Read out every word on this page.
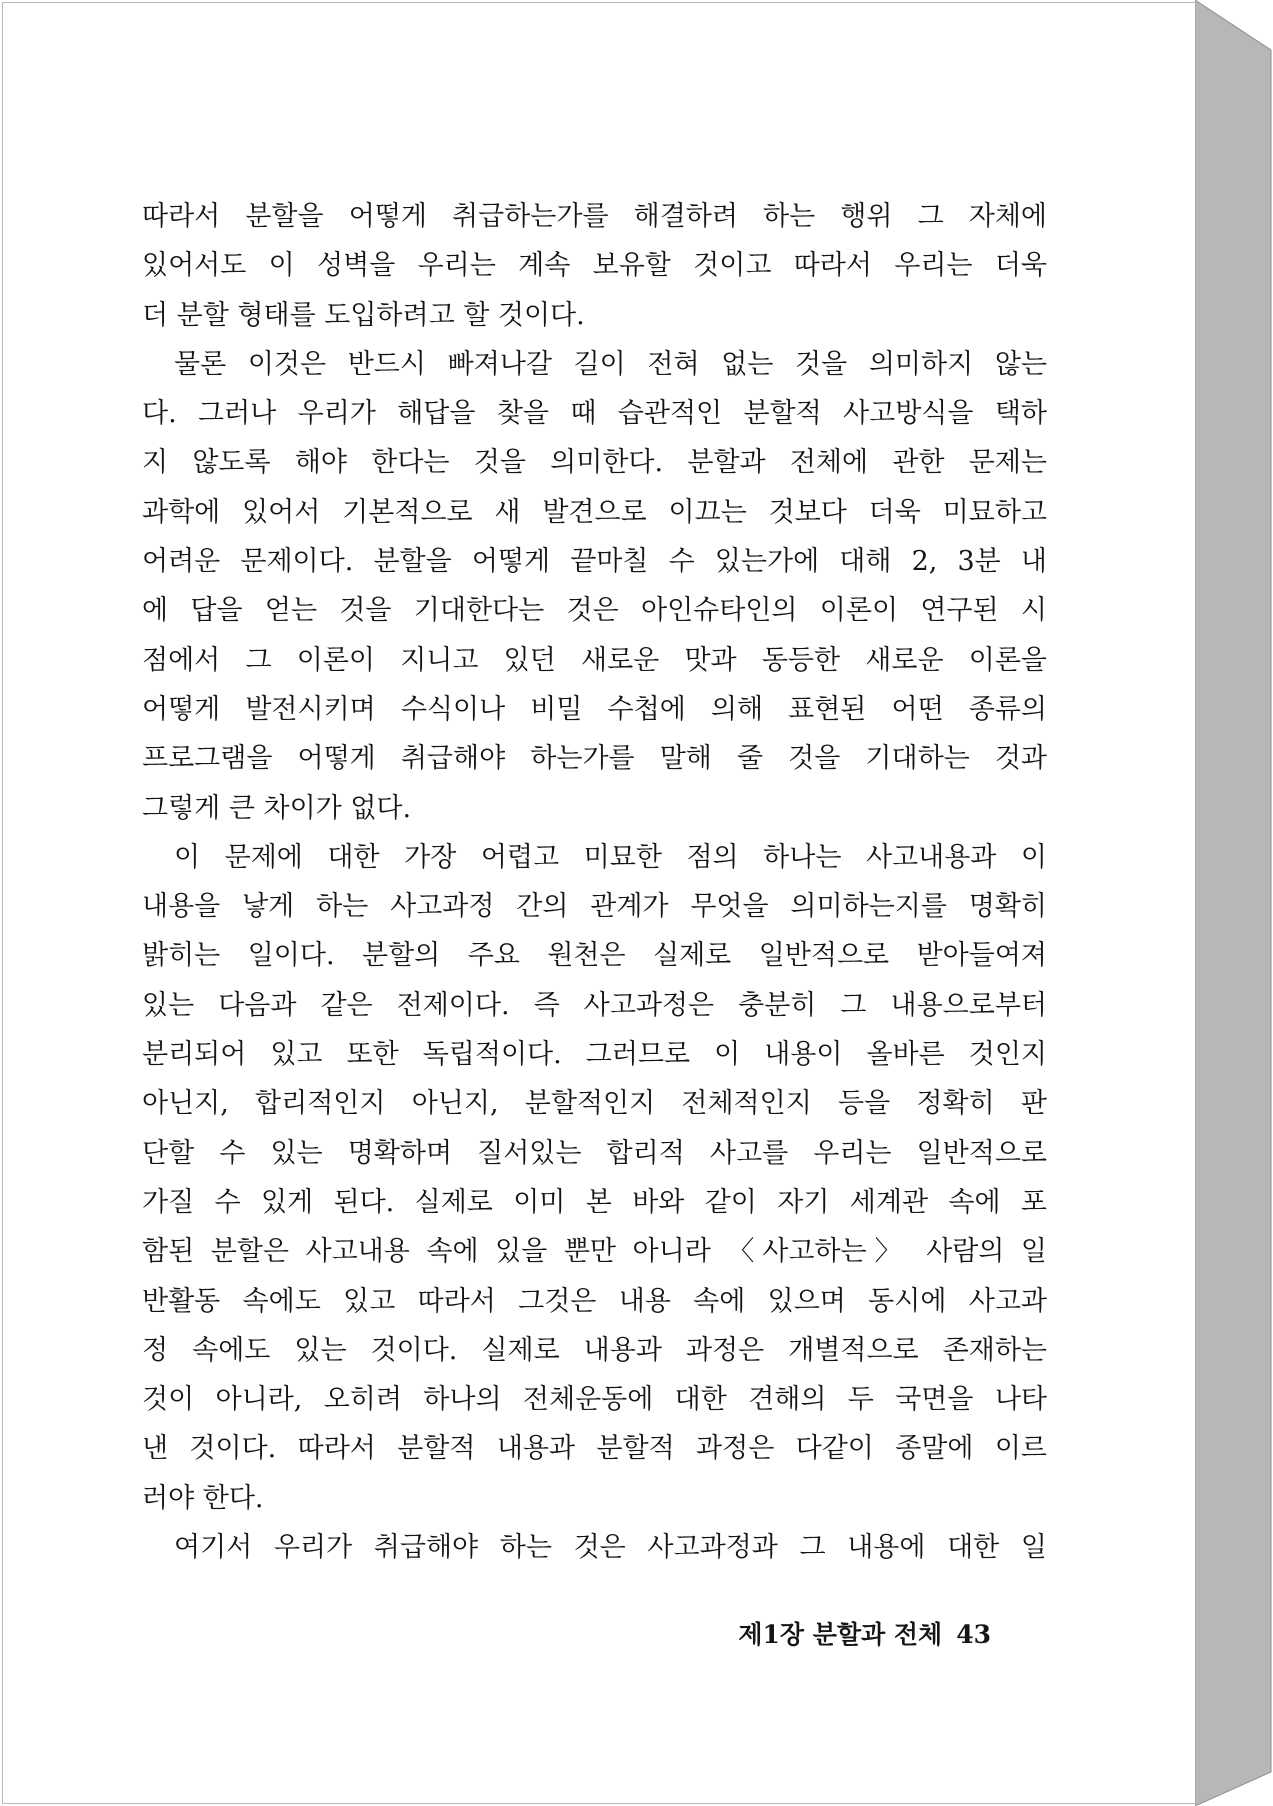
따라서 분할을 어떻게 취급하는가를 해결하려 하는 행위 그 자체에
있어서도 이 성벽을 우리는 계속 보유할 것이고 따라서 우리는 더욱
더 분할 형태를 도입하려고 할 것이다.
물론 이것은 반드시 빠져나갈 길이 전혀 없는 것을 의미하지 않는
다. 그러나 우리가 해답을 찾을 때 습관적인 분할적 사고방식을 택하
지 않도록 해야 한다는 것을 의미한다. 분할과 전체에 관한 문제는
과학에 있어서 기본적으로 새 발견으로 이끄는 것보다 더욱 미묘하고
어려운 문제이다. 분할을 어떻게 끝마칠 수 있는가에 대해 2, 3분 내
에 답을 얻는 것을 기대한다는 것은 아인슈타인의 이론이 연구된 시
점에서 그 이론이 지니고 있던 새로운 맛과 동등한 새로운 이론을
어떻게 발전시키며 수식이나 비밀 수첩에 의해 표현된 어떤 종류의
프로그램을 어떻게 취급해야 하는가를 말해 줄 것을 기대하는 것과
그렇게 큰 차이가 없다.
이 문제에 대한 가장 어렵고 미묘한 점의 하나는 사고내용과 이
내용을 낳게 하는 사고과정 간의 관계가 무엇을 의미하는지를 명확히
밝히는 일이다. 분할의 주요 원천은 실제로 일반적으로 받아들여져
있는 다음과 같은 전제이다. 즉 사고과정은 충분히 그 내용으로부터
분리되어 있고 또한 독립적이다. 그러므로 이 내용이 올바른 것인지
아닌지, 합리적인지 아닌지, 분할적인지 전체적인지 등을 정확히 판
단할 수 있는 명확하며 질서있는 합리적 사고를 우리는 일반적으로
가질 수 있게 된다. 실제로 이미 본 바와 같이 자기 세계관 속에 포
함된 분할은 사고내용 속에 있을 뿐만 아니라 〈사고하는〉 사람의 일
반활동 속에도 있고 따라서 그것은 내용 속에 있으며 동시에 사고과
정 속에도 있는 것이다. 실제로 내용과 과정은 개별적으로 존재하는
것이 아니라, 오히려 하나의 전체운동에 대한 견해의 두 국면을 나타
낸 것이다. 따라서 분할적 내용과 분할적 과정은 다같이 종말에 이르
러야 한다.
여기서 우리가 취급해야 하는 것은 사고과정과 그 내용에 대한 일
제1장 분할과 전체 43
